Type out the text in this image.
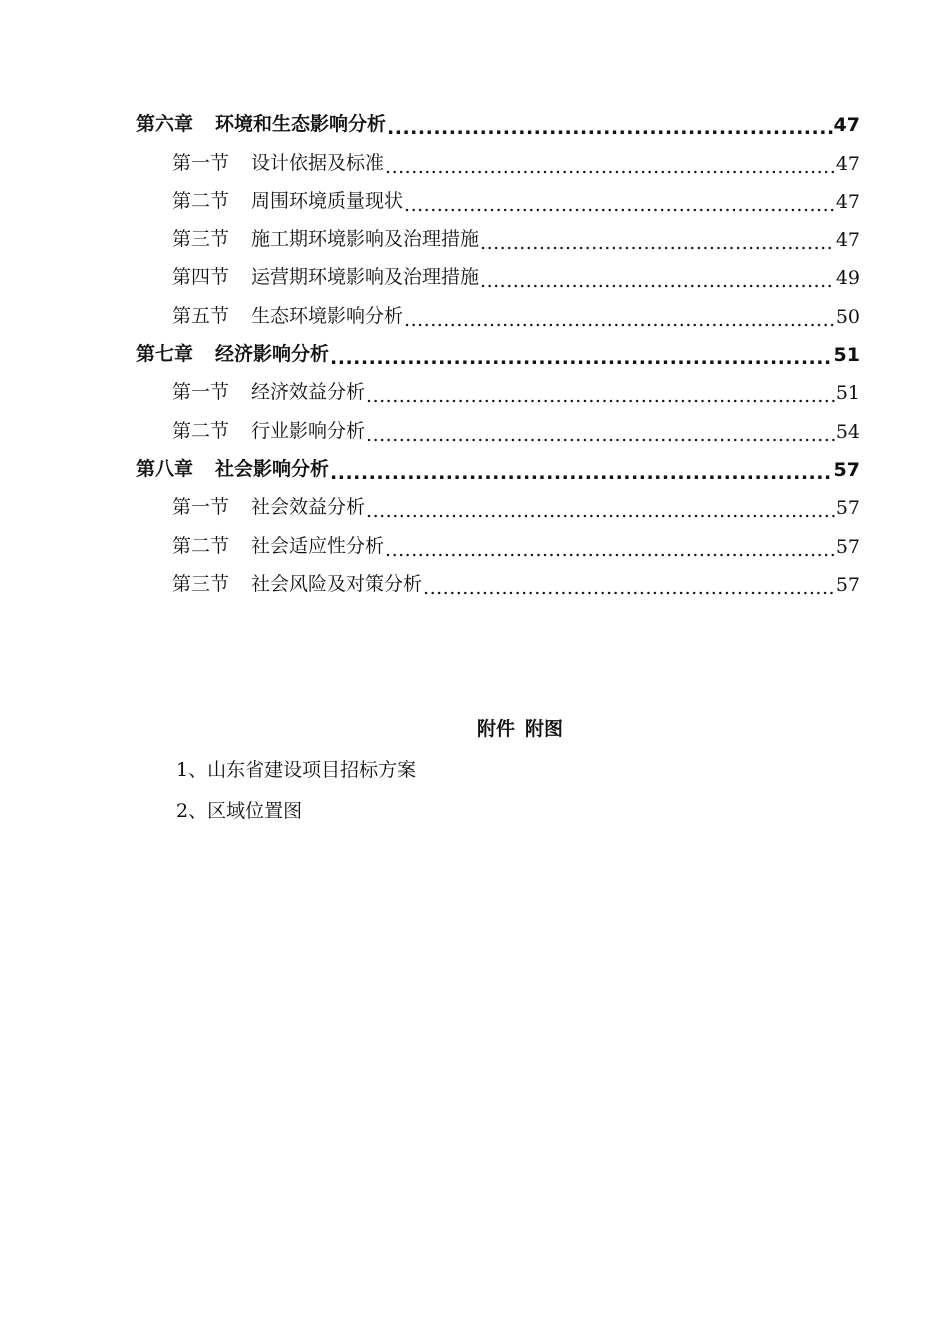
第六章 环境和生态影响分析 .....	47
第一节 设计依据及标准 .....	47
第二节 周围环境质量现状 .....	47
第三节 施工期环境影响及治理措施 .....	47
第四节 运营期环境影响及治理措施 .....	49
第五节 生态环境影响分析 .....	50
第七章 经济影响分析 .....	51
第一节 经济效益分析 .....	51
第二节 行业影响分析 .....	54
第八章 社会影响分析 .....	57
第一节 社会效益分析 .....	57
第二节 社会适应性分析 .....	57
第三节 社会风险及对策分析 .....	57
附件 附图
1、山东省建设项目招标方案
2、区域位置图
